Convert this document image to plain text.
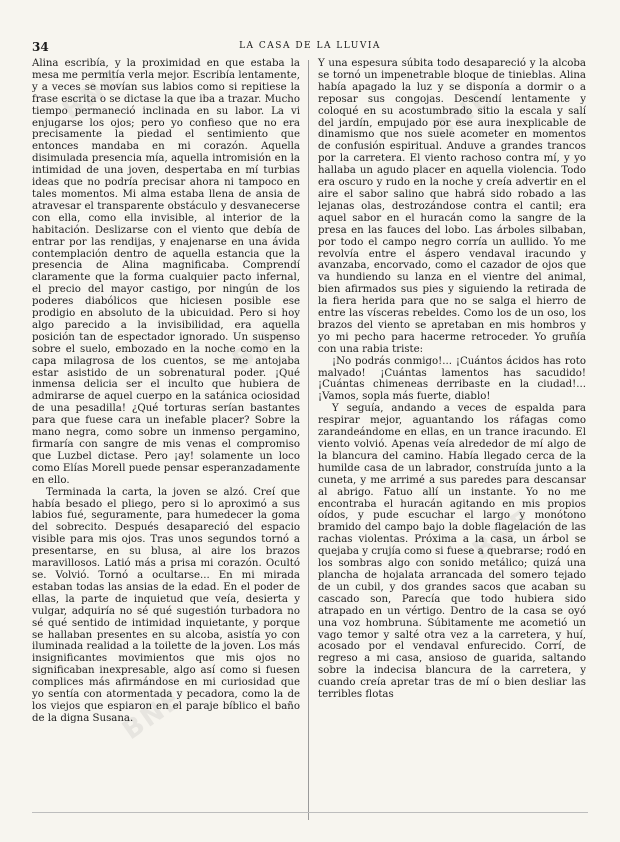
BNE	BNE
BNE
BNE
BNE
34	LA CASA DE LA LLUVIA

Alina escribía, y la proximidad en que estaba la mesa me permitía verla mejor. Escribía lentamente, y a veces se movían sus labios como si repitiese la frase escrita o se dictase la que iba a trazar. Mucho tiempo permaneció inclinada en su labor. La vi enjugarse los ojos; pero yo confieso que no era precisamente la piedad el sentimiento que entonces mandaba en mi corazón. Aquella disimulada presencia mía, aquella intromisión en la intimidad de una joven, despertaba en mí turbias ideas que no podría precisar ahora ni tampoco en tales momentos. Mi alma estaba llena de ansia de atravesar el transparente obstáculo y desvanecerse con ella, como ella invisible, al interior de la habitación. Deslizarse con el viento que debía de entrar por las rendijas, y enajenarse en una ávida contemplación dentro de aquella estancia que la presencia de Alina magnificaba. Comprendí claramente que la forma cualquier pacto infernal, el precio del mayor castigo, por ningún de los poderes diabólicos que hiciesen posible ese prodigio en absoluto de la ubicuidad. Pero si hoy algo parecido a la invisibilidad, era aquella posición tan de espectador ignorado. Un suspenso sobre el suelo, embozado en la noche como en la capa milagrosa de los cuentos, se me antojaba estar asistido de un sobrenatural poder. ¡Qué inmensa delicia ser el inculto que hubiera de admirarse de aquel cuerpo en la satánica ociosidad de una pesadilla! ¿Qué torturas serían bastantes para que fuese cara un inefable placer? Sobre la mano negra, como sobre un inmenso pergamino, firmaría con sangre de mis venas el compromiso que Luzbel dictase. Pero ¡ay! solamente un loco como Elías Morell puede pensar esperanzadamente en ello.

Terminada la carta, la joven se alzó. Creí que había besado el pliego, pero si lo aproximó a sus labios fué, seguramente, para humedecer la goma del sobrecito. Después desapareció del espacio visible para mis ojos. Tras unos segundos tornó a presentarse, en su blusa, al aire los brazos maravillosos. Latió más a prisa mi corazón. Ocultó se. Volvió. Tornó a ocultarse... En mi mirada estaban todas las ansias de la edad. En el poder de ellas, la parte de inquietud que veía, desierta y vulgar, adquiría no sé qué sugestión turbadora no sé qué sentido de intimidad inquietante, y porque se hallaban presentes en su alcoba, asistía yo con iluminada realidad a la toilette de la joven. Los más insignificantes movimientos que mis ojos no significaban inexpresable, algo así como si fuesen complices más afirmándose en mi curiosidad que yo sentía con atormentada y pecadora, como la de los viejos que espiaron en el paraje bíblico el baño de la digna Susana.

Y una espesura súbita todo desapareció y la alcoba se tornó un impenetrable bloque de tinieblas. Alina había apagado la luz y se disponía a dormir o a reposar sus congojas. Descendí lentamente y coloqué en su acostumbrado sitio la escala y salí del jardín, empujado por ese aura inexplicable de dinamismo que nos suele acometer en momentos de confusión espiritual. Anduve a grandes trancos por la carretera. El viento rachoso contra mí, y yo hallaba un agudo placer en aquella violencia. Todo era oscuro y rudo en la noche y creía advertir en el aire el sabor salino que habrá sido robado a las lejanas olas, destrozándose contra el cantil; era aquel sabor en el huracán como la sangre de la presa en las fauces del lobo. Las árboles silbaban, por todo el campo negro corría un aullido. Yo me revolvía entre el áspero vendaval iracundo y avanzaba, encorvado, como el cazador de ojos que va hundiendo su lanza en el vientre del animal, bien afirmados sus pies y siguiendo la retirada de la fiera herida para que no se salga el hierro de entre las vísceras rebeldes. Como los de un oso, los brazos del viento se apretaban en mis hombros y yo mi pecho para hacerme retroceder. Yo gruñía con una rabia triste:

¡No podrás conmigo!... ¡Cuántos ácidos has roto malvado! ¡Cuántas lamentos has sacudido! ¡Cuántas chimeneas derribaste en la ciudad!... ¡Vamos, sopla más fuerte, diablo!

Y seguía, andando a veces de espalda para respirar mejor, aguantando los ráfagas como zarandeándome en ellas, en un trance iracundo. El viento volvió. Apenas veía alrededor de mí algo de la blancura del camino. Había llegado cerca de la humilde casa de un labrador, construída junto a la cuneta, y me arrimé a sus paredes para descansar al abrigo. Fatuo allí un instante. Yo no me encontraba el huracán agitando en mis propios oídos, y pude escuchar el largo y monótono bramido del campo bajo la doble flagelación de las rachas violentas. Próxima a la casa, un árbol se quejaba y crujía como si fuese a quebrarse; rodó en los sombras algo con sonido metálico; quizá una plancha de hojalata arrancada del somero tejado de un cubil, y dos grandes sacos que acaban su cascado son, Parecía que todo hubiera sido atrapado en un vértigo. Dentro de la casa se oyó una voz hombruna. Súbitamente me acometió un vago temor y salté otra vez a la carretera, y huí, acosado por el vendaval enfurecido. Corrí, de regreso a mi casa, ansioso de guarida, saltando sobre la indecisa blancura de la carretera, y cuando creía apretar tras de mí o bien desliar las terribles flotas
